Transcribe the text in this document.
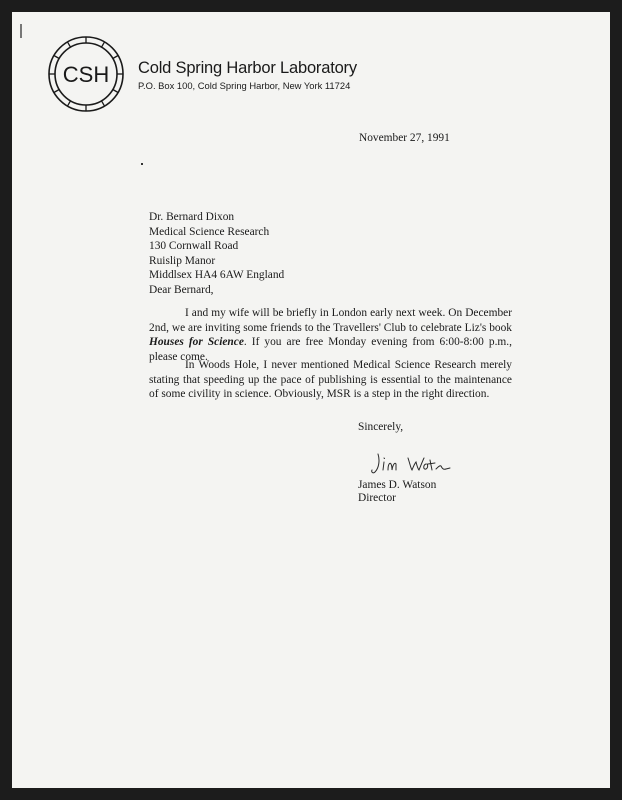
CSH Cold Spring Harbor Laboratory
P.O. Box 100, Cold Spring Harbor, New York 11724
November 27, 1991
Dr. Bernard Dixon
Medical Science Research
130 Cornwall Road
Ruislip Manor
Middlsex HA4 6AW England
Dear Bernard,

I and my wife will be briefly in London early next week. On December 2nd, we are inviting some friends to the Travellers' Club to celebrate Liz's book Houses for Science. If you are free Monday evening from 6:00-8:00 p.m., please come.

In Woods Hole, I never mentioned Medical Science Research merely stating that speeding up the pace of publishing is essential to the maintenance of some civility in science. Obviously, MSR is a step in the right direction.

Sincerely,
James D. Watson
Director
